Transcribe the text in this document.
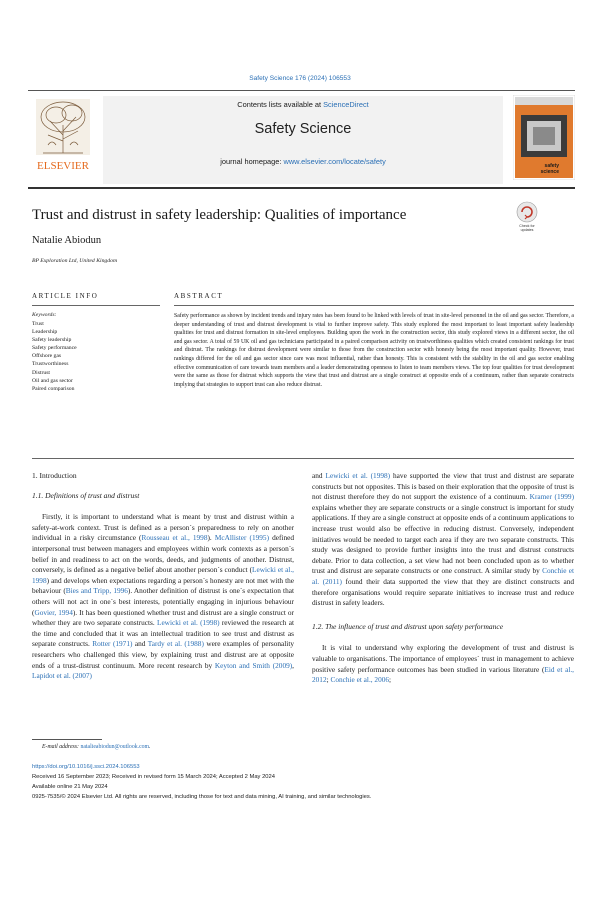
Safety Science 176 (2024) 106553
ELSEVIER
Contents lists available at ScienceDirect
Safety Science
journal homepage: www.elsevier.com/locate/safety	safety
science
Trust and distrust in safety leadership: Qualities of importance
Check for
updates
Natalie Abiodun
BP Exploration Ltd, United Kingdom
ARTICLE INFO
Keywords:
Trust
Leadership
Safety leadership
Safety performance
Offshore gas
Trustworthiness
Distrust
Oil and gas sector
Paired comparison
ABSTRACT
Safety performance as shown by incident trends and injury rates has been found to be linked with levels of trust in site-level personnel in the oil and gas sector. Therefore, a deeper understanding of trust and distrust development is vital to further improve safety. This study explored the most important to least important safety leadership qualities for trust and distrust formation in site-level employees. Building upon the work in the construction sector, this study explored views in a different sector, the oil and gas sector. A total of 59 UK oil and gas technicians participated in a paired comparison activity on trustworthiness qualities which created consistent rankings for trust and distrust. The rankings for distrust development were similar to those from the construction sector with honesty being the most important quality. However, trust rankings differed for the oil and gas sector since care was most influential, rather than honesty. This is consistent with the stability in the oil and gas sector enabling effective communication of care towards team members and a leader demonstrating openness to listen to team members views. The top four qualities for trust development were the same as those for distrust which supports the view that trust and distrust are a single construct at opposite ends of a continuum, rather than separate constructs implying that strategies to support trust can also reduce distrust.
1. Introduction
1.1. Definitions of trust and distrust

Firstly, it is important to understand what is meant by trust and distrust within a safety-at-work context. Trust is defined as a person´s preparedness to rely on another individual in a risky circumstance (Rousseau et al., 1998). McAllister (1995) defined interpersonal trust between managers and employees within work contexts as a person´s belief in and readiness to act on the words, deeds, and judgments of another. Distrust, conversely, is defined as a negative belief about another person´s conduct (Lewicki et al., 1998) and develops when expectations regarding a person´s honesty are not met with the behaviour (Bies and Tripp, 1996). Another definition of distrust is one´s expectation that others will not act in one´s best interests, potentially engaging in injurious behaviour (Govier, 1994). It has been questioned whether trust and distrust are a single construct or whether they are two separate constructs. Lewicki et al. (1998) reviewed the research at the time and concluded that it was an intellectual tradition to see trust and distrust as separate constructs. Rotter (1971) and Tardy et al. (1988) were examples of personality researchers who challenged this view, by explaining trust and distrust are at opposite ends of a trust-distrust continuum. More recent research by Keyton and Smith (2009), Lapidot et al. (2007)

and Lewicki et al. (1998) have supported the view that trust and distrust are separate constructs but not opposites. This is based on their exploration that the opposite of trust is not distrust therefore they do not support the existence of a continuum. Kramer (1999) explains whether they are separate constructs or a single construct is important for study applications. If they are a single construct at opposite ends of a continuum applications to increase trust would also be effective in reducing distrust. Conversely, independent initiatives would be needed to target each area if they are two separate constructs. This study was designed to provide further insights into the trust and distrust constructs debate. Prior to data collection, a set view had not been concluded upon as to whether trust and distrust are separate constructs or one construct. A similar study by Conchie et al. (2011) found their data supported the view that they are distinct constructs and therefore organisations would require separate initiatives to increase trust and reduce distrust in safety leaders.

1.2. The influence of trust and distrust upon safety performance

It is vital to understand why exploring the development of trust and distrust is valuable to organisations. The importance of employees´ trust in management to achieve positive safety performance outcomes has been studied in various literature (Eid et al., 2012; Conchie et al., 2006;

E-mail address: natalieabiodun@outlook.com.
https://doi.org/10.1016/j.ssci.2024.106553
Received 16 September 2023; Received in revised form 15 March 2024; Accepted 2 May 2024
Available online 21 May 2024
0925-7535/© 2024 Elsevier Ltd. All rights are reserved, including those for text and data mining, AI training, and similar technologies.
